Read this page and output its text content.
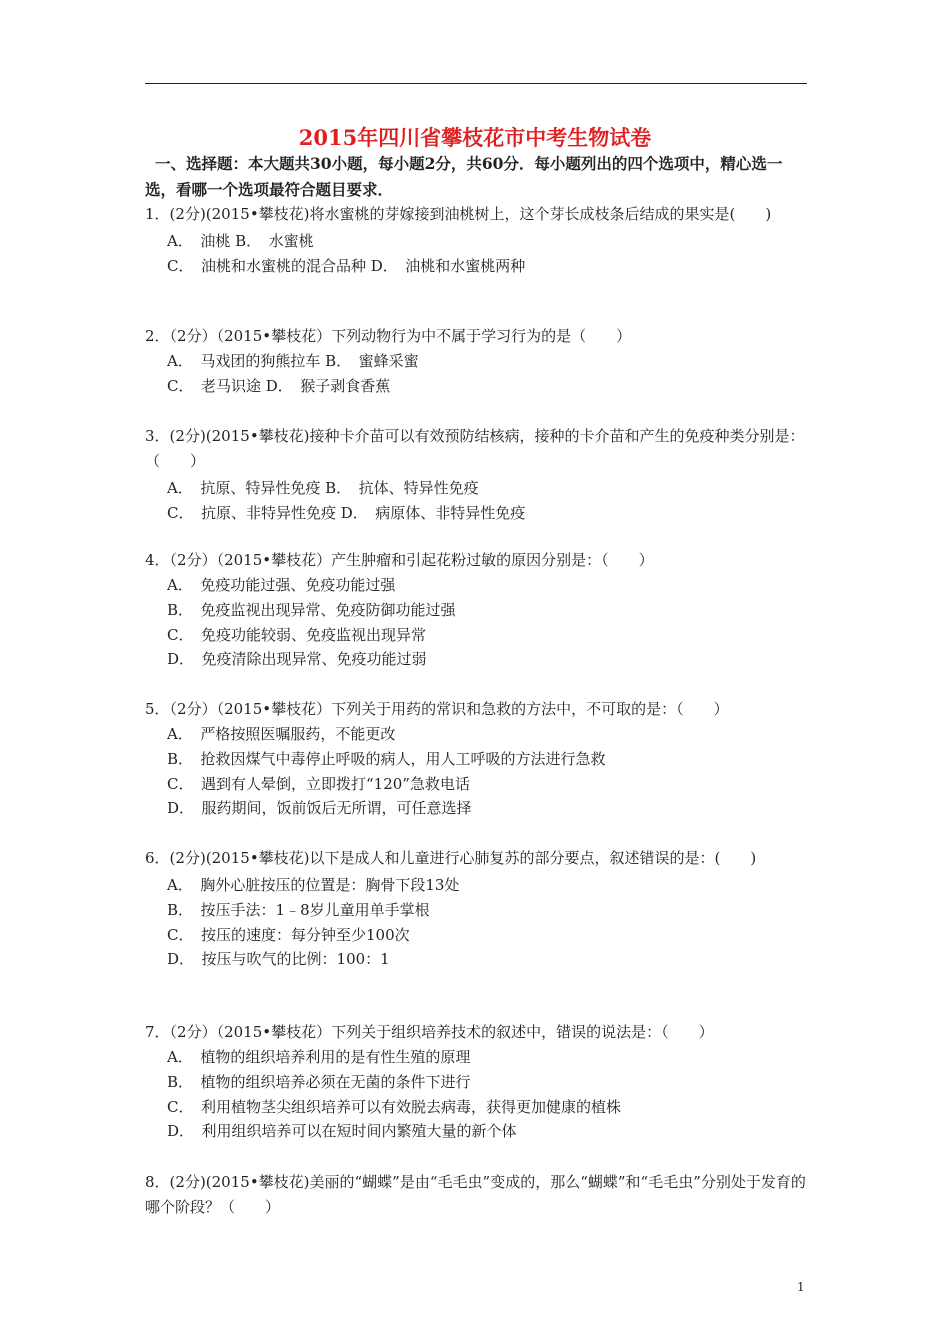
2015年四川省攀枝花市中考生物试卷
一、选择题：本大题共30小题，每小题2分，共60分．每小题列出的四个选项中，精心选一选，看哪一个选项最符合题目要求．
1．(2分)(2015•攀枝花)将水蜜桃的芽嫁接到油桃树上，这个芽长成枝条后结成的果实是(　　)
A．　油桃 B．　水蜜桃
C．　油桃和水蜜桃的混合品种 D．　油桃和水蜜桃两种
2．（2分）（2015•攀枝花）下列动物行为中不属于学习行为的是（　　）
A．　马戏团的狗熊拉车 B．　蜜蜂采蜜
C．　老马识途 D．　猴子剥食香蕉
3．(2分)(2015•攀枝花)接种卡介苗可以有效预防结核病，接种的卡介苗和产生的免疫种类分别是：（　　）
A．　抗原、特异性免疫 B．　抗体、特异性免疫
C．　抗原、非特异性免疫 D．　病原体、非特异性免疫
4．（2分）（2015•攀枝花）产生肿瘤和引起花粉过敏的原因分别是：（　　）
A．　免疫功能过强、免疫功能过强
B．　免疫监视出现异常、免疫防御功能过强
C．　免疫功能较弱、免疫监视出现异常
D．　免疫清除出现异常、免疫功能过弱
5．（2分）（2015•攀枝花）下列关于用药的常识和急救的方法中，不可取的是：（　　）
A．　严格按照医嘱服药，不能更改
B．　抢救因煤气中毒停止呼吸的病人，用人工呼吸的方法进行急救
C．　遇到有人晕倒，立即拨打“120”急救电话
D．　服药期间，饭前饭后无所谓，可任意选择
6．(2分)(2015•攀枝花)以下是成人和儿童进行心肺复苏的部分要点，叙述错误的是：(　　)
A．　胸外心脏按压的位置是：胸骨下段13处
B．　按压手法：1﹣8岁儿童用单手掌根
C．　按压的速度：每分钟至少100次
D．　按压与吹气的比例：100：1
7．（2分）（2015•攀枝花）下列关于组织培养技术的叙述中，错误的说法是：（　　）
A．　植物的组织培养利用的是有性生殖的原理
B．　植物的组织培养必须在无菌的条件下进行
C．　利用植物茎尖组织培养可以有效脱去病毒，获得更加健康的植株
D．　利用组织培养可以在短时间内繁殖大量的新个体
8．(2分)(2015•攀枝花)美丽的“蝴蝶”是由“毛毛虫”变成的，那么“蝴蝶”和“毛毛虫”分别处于发育的哪个阶段？（　　）
1
